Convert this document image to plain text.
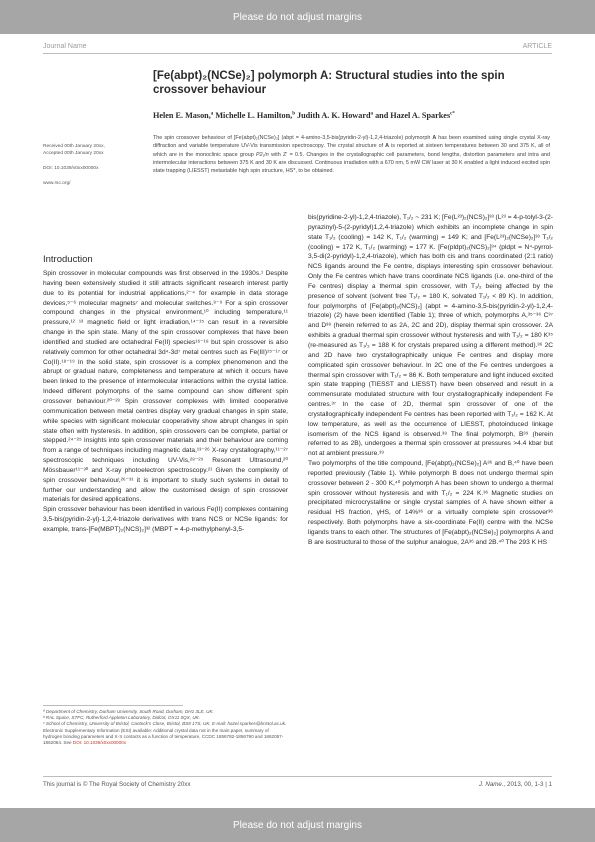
Please do not adjust margins
Journal Name	ARTICLE
[Fe(abpt)₂(NCSe)₂] polymorph A: Structural studies into the spin crossover behaviour
Helen E. Mason,$^a$ Michelle L. Hamilton,$^b$ Judith A. K. Howard$^a$ and Hazel A. Sparkes$^{c*}$
Received 00th January 20xx,
Accepted 00th January 20xx
DOI: 10.1039/x0xx00000x
www.rsc.org/

The spin crossover behaviour of [Fe(abpt)₂(NCSe)₂] (abpt = 4-amino-3,5-bis(pyridin-2-yl)-1,2,4-triazole) polymorph A has been examined using single crystal X-ray diffraction and variable temperature UV-Vis transmission spectroscopy. The crystal structure of A is reported at sixteen temperatures between 30 and 375 K, all of which are in the monoclinic space group P2₁/n with Z′ = 0.5. Changes in the crystallographic cell parameters, bond lengths, distortion parameters and intra and intermolecular interactions between 375 K and 30 K are discussed. Continuous irradiation with a 670 nm, 5 mW CW laser at 30 K enabled a light induced excited spin state trapping (LIESST) metastable high spin structure, HS*, to be obtained.

Introduction

Spin crossover in molecular compounds was first observed in the 1930s.¹ Despite having been extensively studied it still attracts significant research interest partly due to its potential for industrial applications,²⁻⁴ for example in data storage devices,⁵⁻⁶ molecular magnets⁷ and molecular switches.⁸⁻⁹ For a spin crossover compound changes in the physical environment,¹⁰ including temperature,¹¹ pressure,¹² ¹³ magnetic field or light irradiation,¹⁴⁻¹⁵ can result in a reversible change in the spin state. Many of the spin crossover complexes that have been identified and studied are octahedral Fe(II) species¹⁶⁻¹⁸ but spin crossover is also relatively common for other octahedral 3d⁴-3d⁷ metal centres such as Fe(III)¹⁵⁻¹⁷ or Co(II).¹⁸⁻¹⁹ In the solid state, spin crossover is a complex phenomenon and the abrupt or gradual nature, completeness and temperature at which it occurs have been linked to the presence of intermolecular interactions within the crystal lattice. Indeed different polymorphs of the same compound can show different spin crossover behaviour.²⁰⁻²³ Spin crossover complexes with limited cooperative communication between metal centres display very gradual changes in spin state, while species with significant molecular cooperativity show abrupt changes in spin state often with hysteresis. In addition, spin crossovers can be complete, partial or stepped.²⁴⁻²⁵ Insights into spin crossover materials and their behaviour are coming from a range of techniques including magnetic data,¹³⁻²⁶ X-ray crystallography,¹¹⁻²⁷ spectroscopic techniques including UV-Vis,²⁸⁻²⁹ Resonant Ultrasound,²⁰ Mössbauer¹¹⁻³⁰ and X-ray photoelectron spectroscopy.²¹ Given the complexity of spin crossover behaviour,²⁶⁻³¹ it is important to study such systems in detail to further our understanding and allow the customised design of spin crossover materials for desired applications.
Spin crossover behaviour has been identified in various Fe(II) complexes containing 3,5-bis(pyridin-2-yl)-1,2,4-triazole derivatives with trans NCS or NCSe ligands: for example, trans-[Fe(MBPT)₂(NCS)₂]³² (MBPT = 4-p-methylphenyl-3,5-

bis(pyridine-2-yl)-1,2,4-triazole), T₁/₂ ~ 231 K; [Fe(L²³)₂(NCS)₂]³³ (L²³ = 4-p-tolyl-3-(2-pyrazinyl)-5-(2-pyridyl)1,2,4-triazole) which exhibits an incomplete change in spin state T₁/₂ (cooling) = 142 K, T₁/₂ (warming) = 149 K; and [Fe(L²³)₂(NCSe)₂]³³ T₁/₂ (cooling) = 172 K, T₁/₂ (warming) = 177 K. [Fe(pldpt)₂(NCS)₂]³⁴ (pldpt = N⁴-pyrrol-3,5-di(2-pyridyl)-1,2,4-triazole), which has both cis and trans coordinated (2:1 ratio) NCS ligands around the Fe centre, displays interesting spin crossover behaviour. Only the Fe centres which have trans coordinate NCS ligands (i.e. one-third of the Fe centres) display a thermal spin crossover, with T₁/₂ being affected by the presence of solvent (solvent free T₁/₂ = 180 K, solvated T₁/₂ < 89 K). In addition, four polymorphs of [Fe(abpt)₂(NCS)₂] (abpt = 4-amino-3,5-bis(pyridin-2-yl)-1,2,4-triazole) (2) have been identified (Table 1); three of which, polymorphs A,³⁵⁻³⁶ C³⁷ and D³⁸ (herein referred to as 2A, 2C and 2D), display thermal spin crossover. 2A exhibits a gradual thermal spin crossover without hysteresis and with T₁/₂ = 180 K³⁵ (re-measured as T₁/₂ = 188 K for crystals prepared using a different method).³⁶ 2C and 2D have two crystallographically unique Fe centres and display more complicated spin crossover behaviour. In 2C one of the Fe centres undergoes a thermal spin crossover with T₁/₂ = 86 K. Both temperature and light induced excited spin state trapping (TIESST and LIESST) have been observed and result in a commensurate modulated structure with four crystallographically independent Fe centres.³⁷ In the case of 2D, thermal spin crossover of one of the crystallographically independent Fe centres has been reported with T₁/₂ = 162 K. At low temperature, as well as the occurrence of LIESST, photoinduced linkage isomerism of the NCS ligand is observed.³⁸ The final polymorph, B³⁹ (herein referred to as 2B), undergoes a thermal spin crossover at pressures >4.4 kbar but not at ambient pressure.³⁹
Two polymorphs of the title compound, [Fe(abpt)₂(NCSe)₂] A³⁶ and B,⁴⁰ have been reported previously (Table 1). While polymorph B does not undergo thermal spin crossover between 2 - 300 K,⁴⁰ polymorph A has been shown to undergo a thermal spin crossover without hysteresis and with T₁/₂ = 224 K.³⁶ Magnetic studies on precipitated microcrystalline or single crystal samples of A have shown either a residual HS fraction, γHS, of 14%³⁶ or a virtually complete spin crossover³⁶ respectively. Both polymorphs have a six-coordinate Fe(II) centre with the NCSe ligands trans to each other. The structures of [Fe(abpt)₂(NCSe)₂] polymorphs A and B are isostructural to those of the sulphur analogue, 2A³⁶ and 2B.⁴⁰ The 293 K HS

ª Department of Chemistry, Durham University, South Road, Durham, DH1 3LE, UK.
ᵇ RAL Space, STFC, Rutherford Appleton Laboratory, Didcot, OX11 0QX, UK.
ᶜ School of Chemistry, University of Bristol, Cantock’s Close, Bristol, BS8 1TS, UK. E-mail: hazel.sparkes@bristol.ac.uk.
Electronic Supplementary Information (ESI) available: Additional crystal data not in the main paper, summary of hydrogen bonding parameters and π-π contacts as a function of temperature, CCDC 1856782-1856790 and 1862057-1862064. See DOI: 10.1039/x0xx00000x
This journal is © The Royal Society of Chemistry 20xx	J. Name., 2013, 00, 1-3 | 1
Please do not adjust margins
